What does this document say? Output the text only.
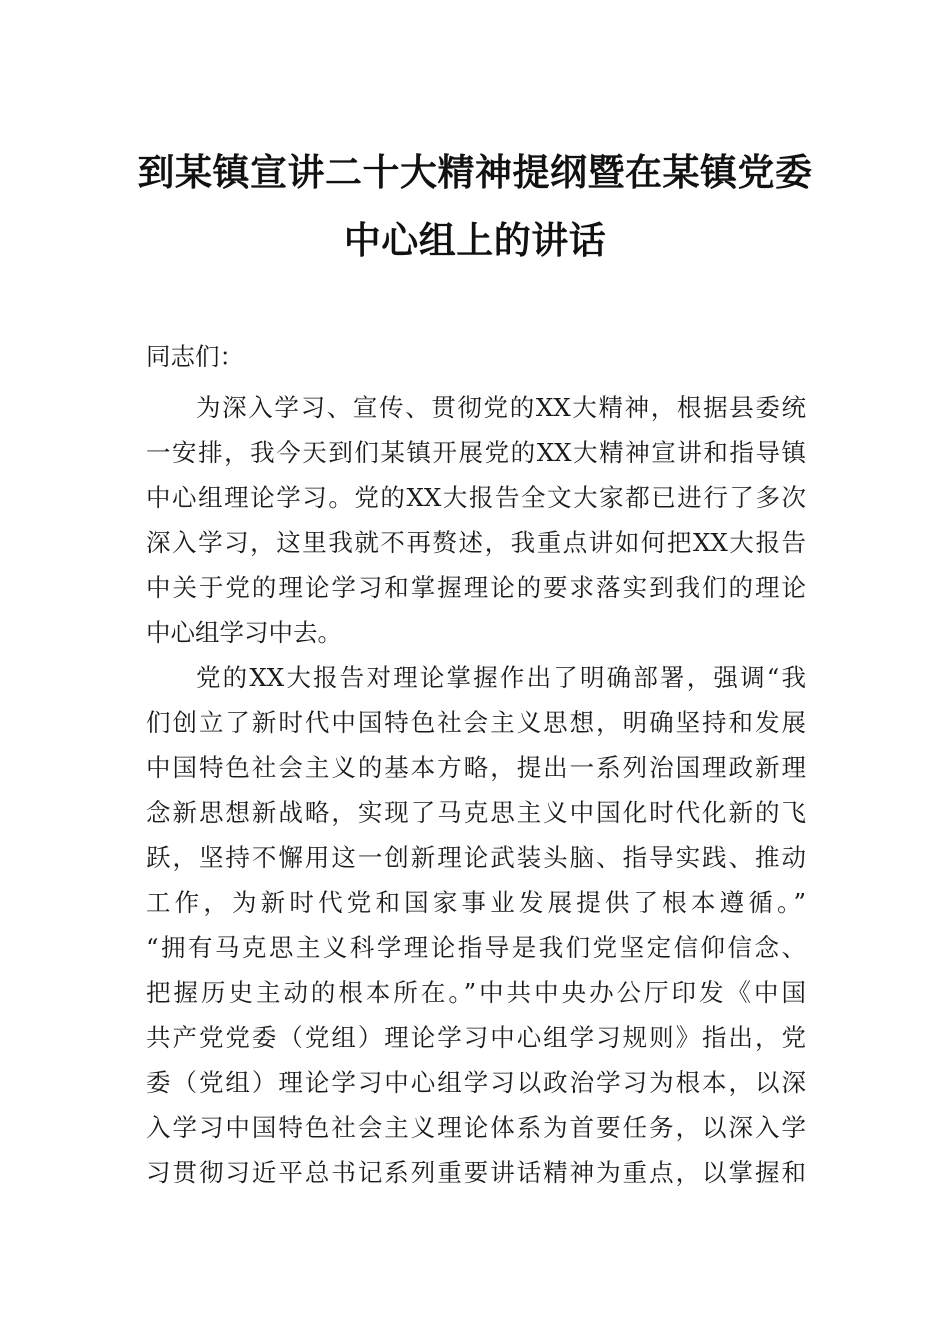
到某镇宣讲二十大精神提纲暨在某镇党委
中心组上的讲话
同志们：
为深入学习、宣传、贯彻党的XX大精神，根据县委统
一安排，我今天到们某镇开展党的XX大精神宣讲和指导镇
中心组理论学习。党的XX大报告全文大家都已进行了多次
深入学习，这里我就不再赘述，我重点讲如何把XX大报告
中关于党的理论学习和掌握理论的要求落实到我们的理论
中心组学习中去。
党的XX大报告对理论掌握作出了明确部署，强调“我
们创立了新时代中国特色社会主义思想，明确坚持和发展
中国特色社会主义的基本方略，提出一系列治国理政新理
念新思想新战略，实现了马克思主义中国化时代化新的飞
跃，坚持不懈用这一创新理论武装头脑、指导实践、推动
工作，为新时代党和国家事业发展提供了根本遵循。”
“拥有马克思主义科学理论指导是我们党坚定信仰信念、
把握历史主动的根本所在。”中共中央办公厅印发《中国
共产党党委（党组）理论学习中心组学习规则》指出，党
委（党组）理论学习中心组学习以政治学习为根本，以深
入学习中国特色社会主义理论体系为首要任务，以深入学
习贯彻习近平总书记系列重要讲话精神为重点，以掌握和
